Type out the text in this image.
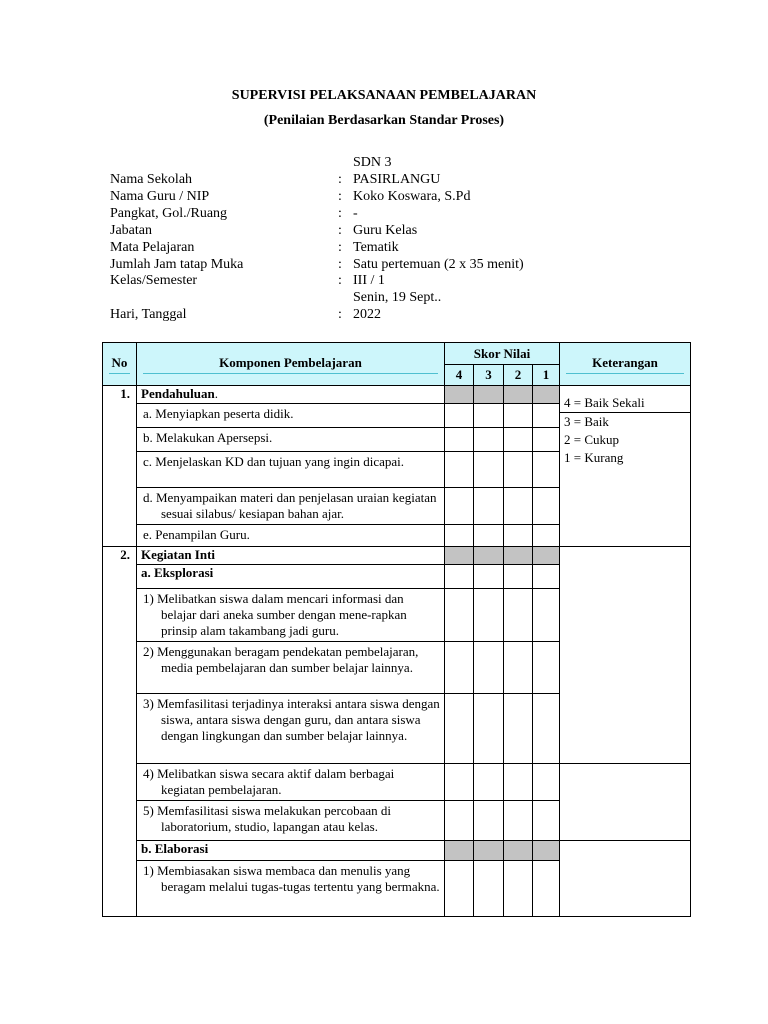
SUPERVISI PELAKSANAAN PEMBELAJARAN
(Penilaian Berdasarkan Standar Proses)
SDN 3
Nama Sekolah	: PASIRLANGU
Nama Guru / NIP	: Koko Koswara, S.Pd
Pangkat, Gol./Ruang	: -
Jabatan	: Guru Kelas
Mata Pelajaran	: Tematik
Jumlah Jam tatap Muka	: Satu pertemuan (2 x 35 menit)
Kelas/Semester	: III / 1
Senin, 19 Sept..
Hari, Tanggal	: 2022
No	Komponen Pembelajaran	Skor Nilai				Keterangan

		4	3	2	1	
1.	Pendahuluan.					4 = Baik Sekali
3 = Baik
2 = Cukup
1 = Kurang

	a. Menyiapkan peserta didik.					
	b. Melakukan Apersepsi.					

	c. Menjelaskan KD dan tujuan yang ingin dicapai.					

	d. Menyampaikan materi dan penjelasan uraian kegiatan sesuai silabus/ kesiapan bahan ajar.					

	e. Penampilan Guru.					
2.	Kegiatan Inti					
	a. Eksplorasi					

	1) Melibatkan siswa dalam mencari informasi dan belajar dari aneka sumber dengan mene-rapkan prinsip alam takambang jadi guru.					

	2) Menggunakan beragam pendekatan pembelajaran, media pembelajaran dan sumber belajar lainnya.					

	3) Memfasilitasi terjadinya interaksi antara siswa dengan siswa, antara siswa dengan guru, dan antara siswa dengan lingkungan dan sumber belajar lainnya.					

	4) Melibatkan siswa secara aktif dalam berbagai kegiatan pembelajaran.					

	5) Memfasilitasi siswa melakukan percobaan di laboratorium, studio, lapangan atau kelas.					

	b. Elaborasi					

	1) Membiasakan siswa membaca dan menulis yang beragam melalui tugas-tugas tertentu yang bermakna.					
